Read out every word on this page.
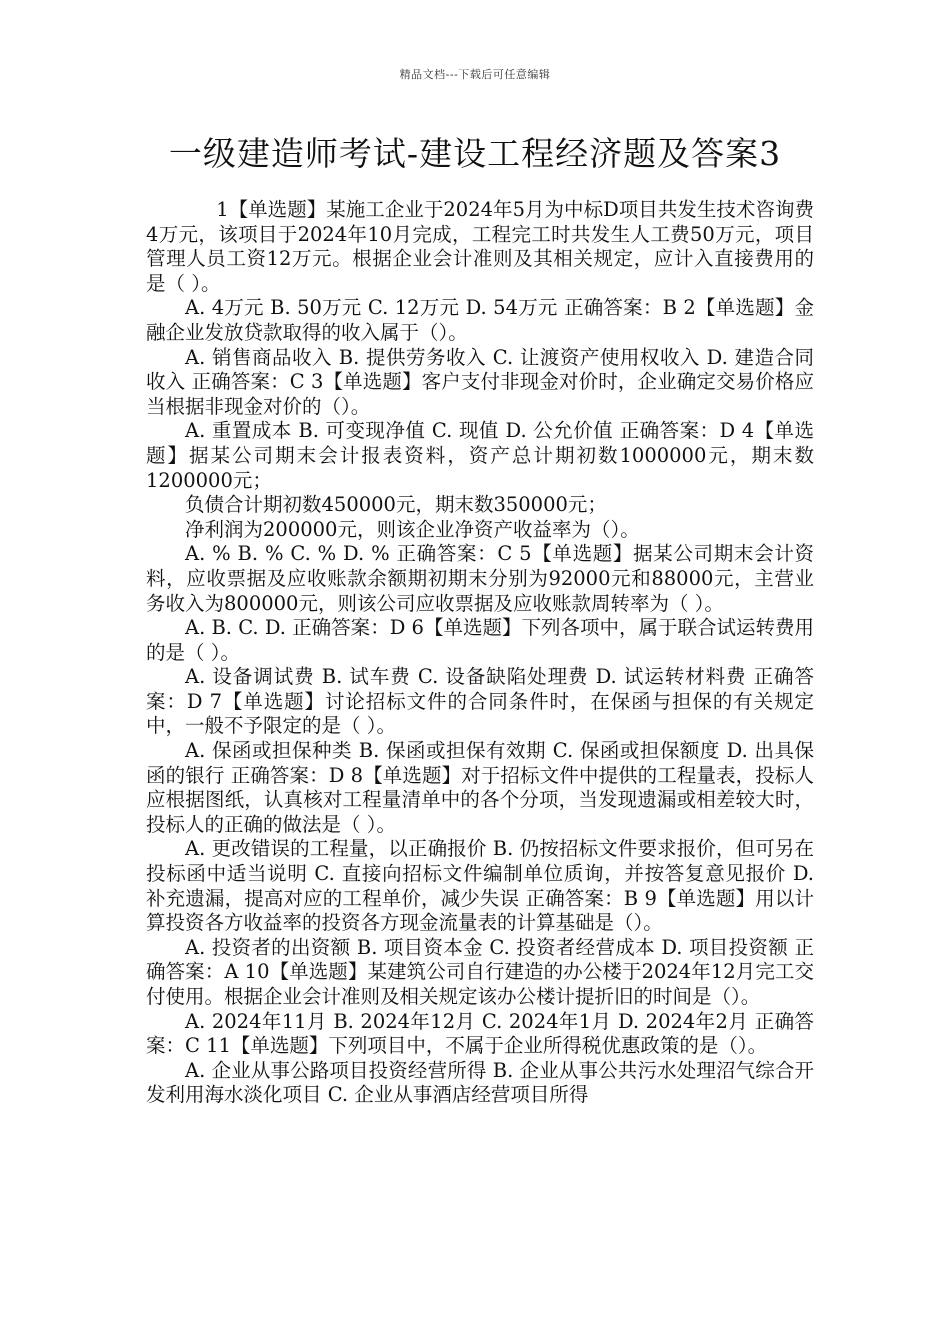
精品文档---下载后可任意编辑
一级建造师考试-建设工程经济题及答案3

1【单选题】某施工企业于2024年5月为中标D项目共发生技术咨询费4万元，该项目于2024年10月完成，工程完工时共发生人工费50万元，项目管理人员工资12万元。根据企业会计准则及其相关规定，应计入直接费用的是（ ）。

A. 4万元 B. 50万元 C. 12万元 D. 54万元 正确答案：B 2【单选题】金融企业发放贷款取得的收入属于（）。

A. 销售商品收入 B. 提供劳务收入 C. 让渡资产使用权收入 D. 建造合同收入 正确答案：C 3【单选题】客户支付非现金对价时，企业确定交易价格应当根据非现金对价的（）。

A. 重置成本 B. 可变现净值 C. 现值 D. 公允价值 正确答案：D 4【单选题】据某公司期末会计报表资料，资产总计期初数1000000元，期末数1200000元；

负债合计期初数450000元，期末数350000元；

净利润为200000元，则该企业净资产收益率为（）。

A. % B. % C. % D. % 正确答案：C 5【单选题】据某公司期末会计资料，应收票据及应收账款余额期初期末分别为92000元和88000元，主营业务收入为800000元，则该公司应收票据及应收账款周转率为（ ）。

A. B. C. D. 正确答案：D 6【单选题】下列各项中，属于联合试运转费用的是（ ）。

A. 设备调试费 B. 试车费 C. 设备缺陷处理费 D. 试运转材料费 正确答案：D 7【单选题】讨论招标文件的合同条件时，在保函与担保的有关规定中，一般不予限定的是（ ）。

A. 保函或担保种类 B. 保函或担保有效期 C. 保函或担保额度 D. 出具保函的银行 正确答案：D 8【单选题】对于招标文件中提供的工程量表，投标人应根据图纸，认真核对工程量清单中的各个分项，当发现遗漏或相差较大时，投标人的正确的做法是（ ）。

A. 更改错误的工程量，以正确报价 B. 仍按招标文件要求报价，但可另在投标函中适当说明 C. 直接向招标文件编制单位质询，并按答复意见报价 D. 补充遗漏，提高对应的工程单价，减少失误 正确答案：B 9【单选题】用以计算投资各方收益率的投资各方现金流量表的计算基础是（）。

A. 投资者的出资额 B. 项目资本金 C. 投资者经营成本 D. 项目投资额 正确答案：A 10【单选题】某建筑公司自行建造的办公楼于2024年12月完工交付使用。根据企业会计准则及相关规定该办公楼计提折旧的时间是（）。

A. 2024年11月 B. 2024年12月 C. 2024年1月 D. 2024年2月 正确答案：C 11【单选题】下列项目中，不属于企业所得税优惠政策的是（）。

A. 企业从事公路项目投资经营所得 B. 企业从事公共污水处理沼气综合开发利用海水淡化项目 C. 企业从事酒店经营项目所得
